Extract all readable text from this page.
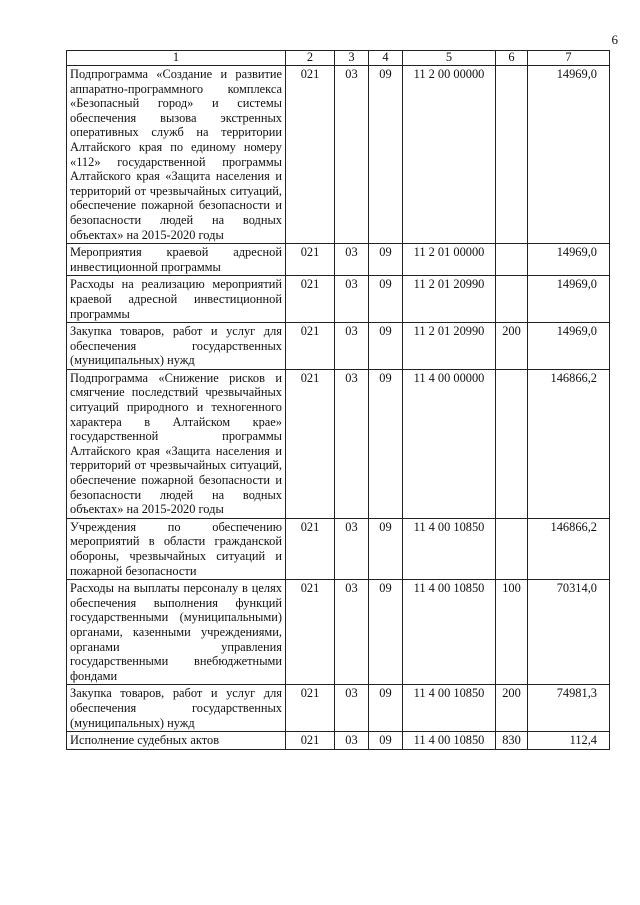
6
1	2	3	4	5	6	7
Подпрограмма «Создание и развитие аппаратно-программного комплекса «Безопасный город» и системы обеспечения вызова экстренных оперативных служб на территории Алтайского края по единому номеру «112» государственной программы Алтайского края «Защита населения и территорий от чрезвычайных ситуаций, обеспечение пожарной безопасности и безопасности людей на водных объектах» на 2015-2020 годы	021	03	09	11 2 00 00000		14969,0
Мероприятия краевой адресной инвестиционной программы	021	03	09	11 2 01 00000		14969,0
Расходы на реализацию мероприятий краевой адресной инвестиционной программы	021	03	09	11 2 01 20990		14969,0
Закупка товаров, работ и услуг для обеспечения государственных (муниципальных) нужд	021	03	09	11 2 01 20990	200	14969,0
Подпрограмма «Снижение рисков и смягчение последствий чрезвычайных ситуаций природного и техногенного характера в Алтайском крае» государственной программы Алтайского края «Защита населения и территорий от чрезвычайных ситуаций, обеспечение пожарной безопасности и безопасности людей на водных объектах» на 2015-2020 годы	021	03	09	11 4 00 00000		146866,2
Учреждения по обеспечению мероприятий в области гражданской обороны, чрезвычайных ситуаций и пожарной безопасности	021	03	09	11 4 00 10850		146866,2
Расходы на выплаты персоналу в целях обеспечения выполнения функций государственными (муниципальными) органами, казенными учреждениями, органами управления государственными внебюджетными фондами	021	03	09	11 4 00 10850	100	70314,0
Закупка товаров, работ и услуг для обеспечения государственных (муниципальных) нужд	021	03	09	11 4 00 10850	200	74981,3
Исполнение судебных актов	021	03	09	11 4 00 10850	830	112,4
